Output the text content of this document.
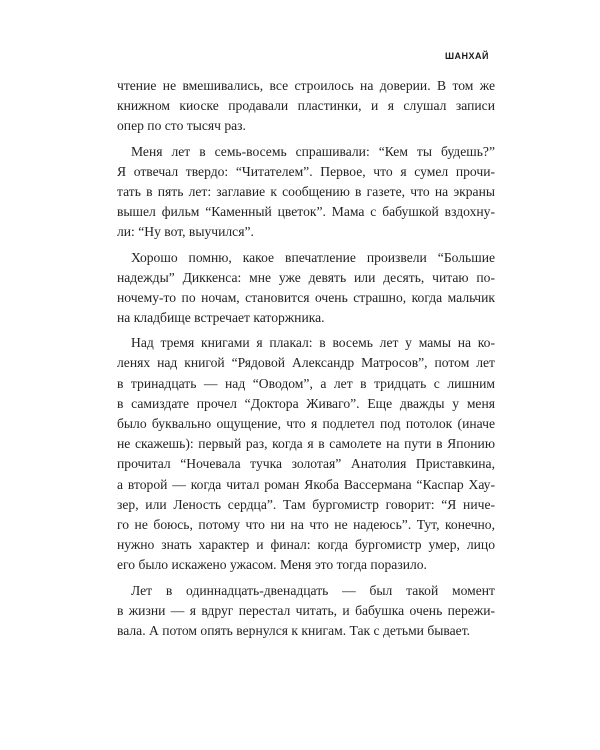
ШАНХАЙ
чтение не вмешивались, все строилось на доверии. В том же
книжном киоске продавали пластинки, и я слушал записи
опер по сто тысяч раз.
Меня лет в семь-восемь спрашивали: “Кем ты будешь?”
Я отвечал твердо: “Читателем”. Первое, что я сумел прочи-
тать в пять лет: заглавие к сообщению в газете, что на экраны
вышел фильм “Каменный цветок”. Мама с бабушкой вздохну-
ли: “Ну вот, выучился”.
Хорошо помню, какое впечатление произвели “Большие
надежды” Диккенса: мне уже девять или десять, читаю по-
ночему-то по ночам, становится очень страшно, когда мальчик
на кладбище встречает каторжника.
Над тремя книгами я плакал: в восемь лет у мамы на ко-
ленях над книгой “Рядовой Александр Матросов”, потом лет
в тринадцать — над “Оводом”, а лет в тридцать с лишним
в самиздате прочел “Доктора Живаго”. Еще дважды у меня
было буквально ощущение, что я подлетел под потолок (иначе
не скажешь): первый раз, когда я в самолете на пути в Японию
прочитал “Ночевала тучка золотая” Анатолия Приставкина,
а второй — когда читал роман Якоба Вассермана “Каспар Хау-
зер, или Леность сердца”. Там бургомистр говорит: “Я ниче-
го не боюсь, потому что ни на что не надеюсь”. Тут, конечно,
нужно знать характер и финал: когда бургомистр умер, лицо
его было искажено ужасом. Меня это тогда поразило.
Лет в одиннадцать-двенадцать — был такой момент
в жизни — я вдруг перестал читать, и бабушка очень пережи-
вала. А потом опять вернулся к книгам. Так с детьми бывает.
